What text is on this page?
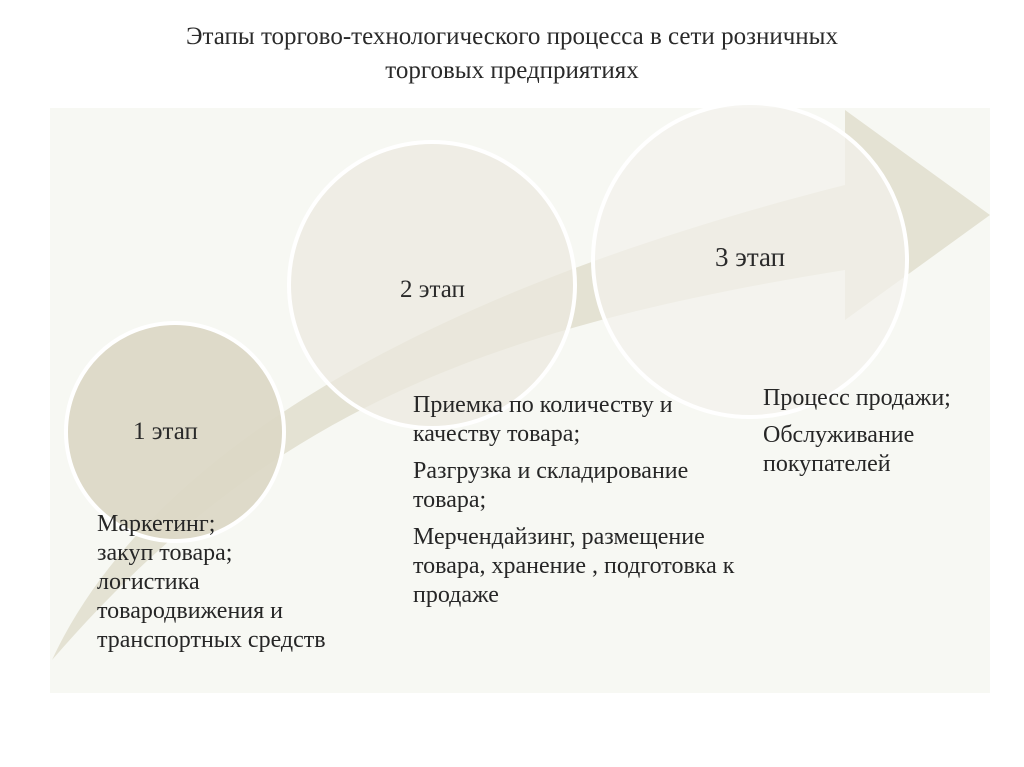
Этапы торгово-технологического процесса в сети розничных
торговых предприятиях
1 этап
2 этап
3 этап

Маркетинг;

закуп товара;

логистика

товародвижения и

транспортных средств

Приемка по количеству и качеству товара;

Разгрузка и складирование товара;

Мерчендайзинг, размещение товара, хранение , подготовка к продаже

Процесс продажи;

Обслуживание покупателей
